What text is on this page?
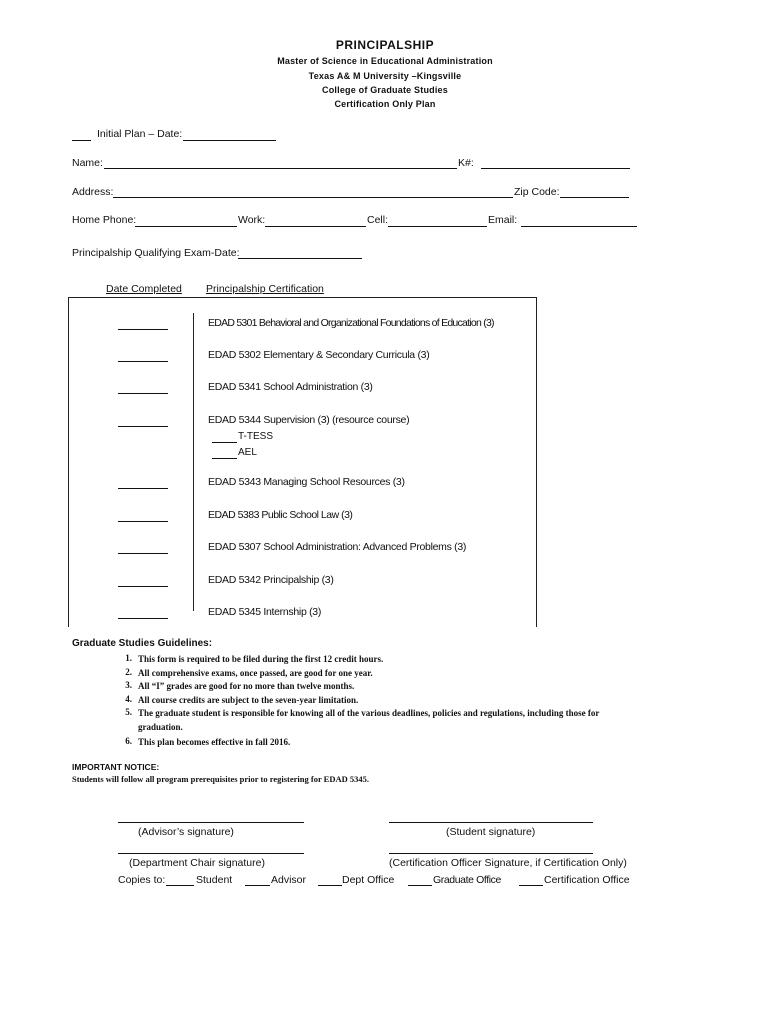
PRINCIPALSHIP
Master of Science in Educational Administration
Texas A& M University –Kingsville
College of Graduate Studies
Certification Only Plan
Initial Plan – Date:
Name:	K#:
Address:	Zip Code:
Home Phone:	Work:	Cell:	Email:
Principalship Qualifying Exam-Date:
Date Completed Principalship Certification
EDAD 5301 Behavioral and Organizational Foundations of Education (3)
EDAD 5302 Elementary & Secondary Curricula (3)
EDAD 5341 School Administration (3)
EDAD 5344 Supervision (3) (resource course)
T-TESS
AEL
EDAD 5343 Managing School Resources (3)
EDAD 5383 Public School Law (3)
EDAD 5307 School Administration: Advanced Problems (3)
EDAD 5342 Principalship (3)
EDAD 5345 Internship (3)
Graduate Studies Guidelines:
1. This form is required to be filed during the first 12 credit hours.
2. All comprehensive exams, once passed, are good for one year.
3. All “I” grades are good for no more than twelve months.
4. All course credits are subject to the seven-year limitation.
5. The graduate student is responsible for knowing all of the various deadlines, policies and regulations, including those for graduation.
6. This plan becomes effective in fall 2016.
IMPORTANT NOTICE:
Students will follow all program prerequisites prior to registering for EDAD 5345.
(Advisor’s signature)	(Student signature)
(Department Chair signature)	(Certification Officer Signature, if Certification Only)
Copies to:	Student	Advisor	Dept Office	Graduate Office	Certification Office
